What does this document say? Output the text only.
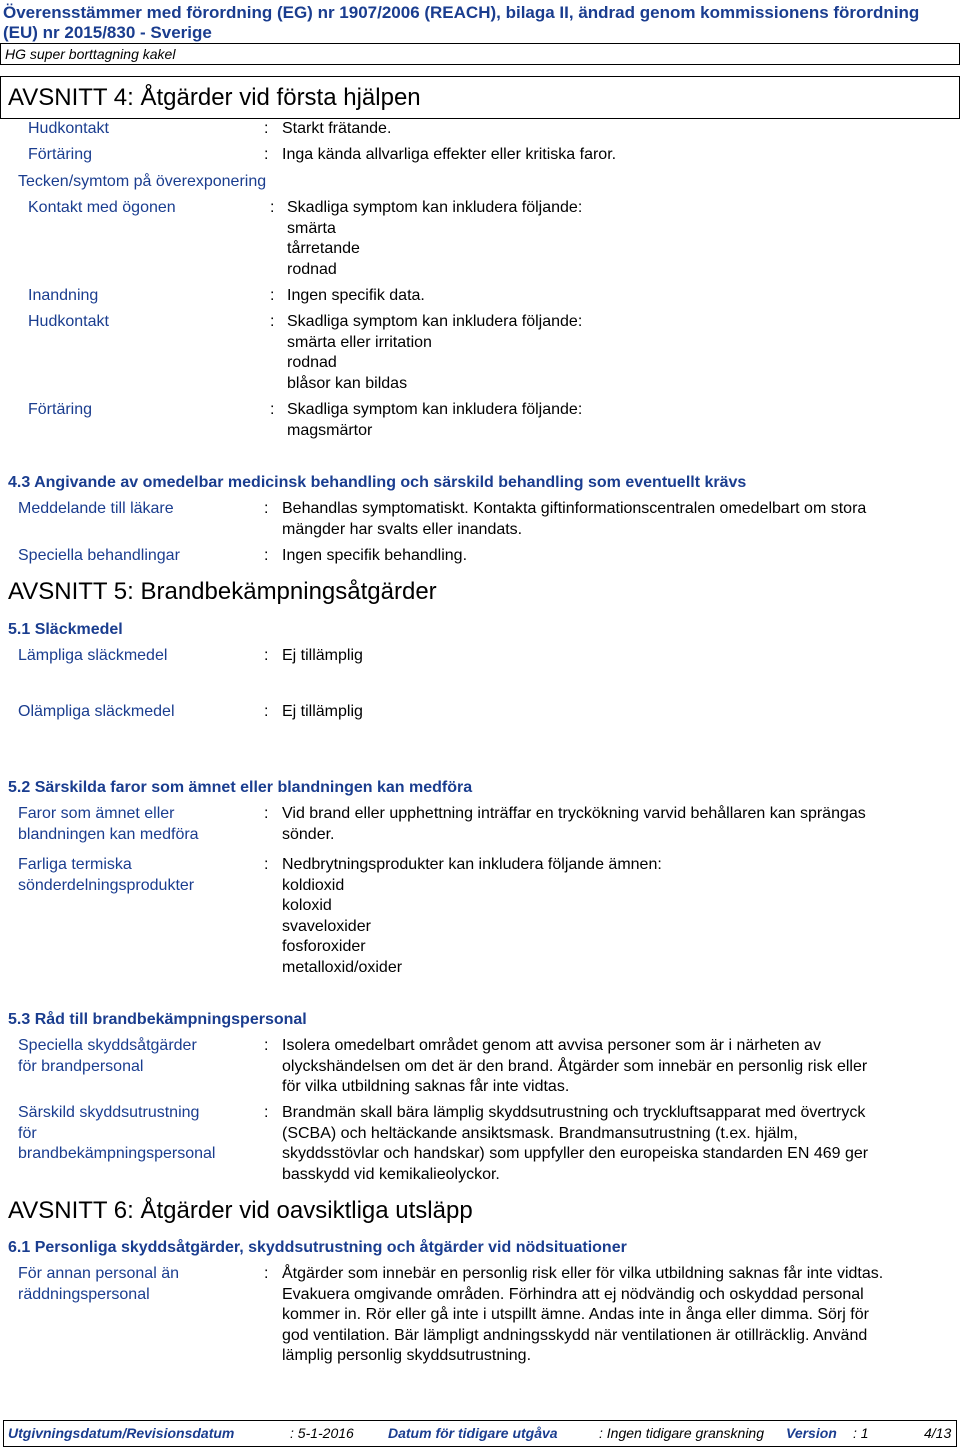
Överensstämmer med förordning (EG) nr 1907/2006 (REACH), bilaga II, ändrad genom kommissionens förordning
(EU) nr 2015/830 - Sverige
HG super borttagning kakel
AVSNITT 4: Åtgärder vid första hjälpen
Hudkontakt	: Starkt frätande.
Förtäring	: Inga kända allvarliga effekter eller kritiska faror.
Tecken/symtom på överexponering
Kontakt med ögonen	: Skadliga symptom kan inkludera följande:
smärta
tårretande
rodnad
Inandning	: Ingen specifik data.
Hudkontakt	: Skadliga symptom kan inkludera följande:
smärta eller irritation
rodnad
blåsor kan bildas
Förtäring	: Skadliga symptom kan inkludera följande:
magsmärtor
4.3 Angivande av omedelbar medicinsk behandling och särskild behandling som eventuellt krävs
Meddelande till läkare	: Behandlas symptomatiskt. Kontakta giftinformationscentralen omedelbart om stora
mängder har svalts eller inandats.
Speciella behandlingar	: Ingen specifik behandling.
AVSNITT 5: Brandbekämpningsåtgärder
5.1 Släckmedel
Lämpliga släckmedel	: Ej tillämplig
Olämpliga släckmedel	: Ej tillämplig
5.2 Särskilda faror som ämnet eller blandningen kan medföra
Faror som ämnet eller
blandningen kan medföra
: Vid brand eller upphettning inträffar en tryckökning varvid behållaren kan sprängas
sönder.
Farliga termiska
sönderdelningsprodukter
: Nedbrytningsprodukter kan inkludera följande ämnen:
koldioxid
koloxid
svaveloxider
fosforoxider
metalloxid/oxider
5.3 Råd till brandbekämpningspersonal
Speciella skyddsåtgärder
för brandpersonal
: Isolera omedelbart området genom att avvisa personer som är i närheten av
olyckshändelsen om det är den brand. Åtgärder som innebär en personlig risk eller
för vilka utbildning saknas får inte vidtas.
Särskild skyddsutrustning
för
brandbekämpningspersonal
: Brandmän skall bära lämplig skyddsutrustning och tryckluftsapparat med övertryck
(SCBA) och heltäckande ansiktsmask. Brandmansutrustning (t.ex. hjälm,
skyddsstövlar och handskar) som uppfyller den europeiska standarden EN 469 ger
basskydd vid kemikalieolyckor.
AVSNITT 6: Åtgärder vid oavsiktliga utsläpp
6.1 Personliga skyddsåtgärder, skyddsutrustning och åtgärder vid nödsituationer
För annan personal än
räddningspersonal
: Åtgärder som innebär en personlig risk eller för vilka utbildning saknas får inte vidtas.
Evakuera omgivande områden. Förhindra att ej nödvändig och oskyddad personal
kommer in. Rör eller gå inte i utspillt ämne. Andas inte in ånga eller dimma. Sörj för
god ventilation. Bär lämpligt andningsskydd när ventilationen är otillräcklig. Använd
lämplig personlig skyddsutrustning.
Utgivningsdatum/Revisionsdatum	: 5-1-2016 Datum för tidigare utgåva	: Ingen tidigare granskning Version : 1	4/13
